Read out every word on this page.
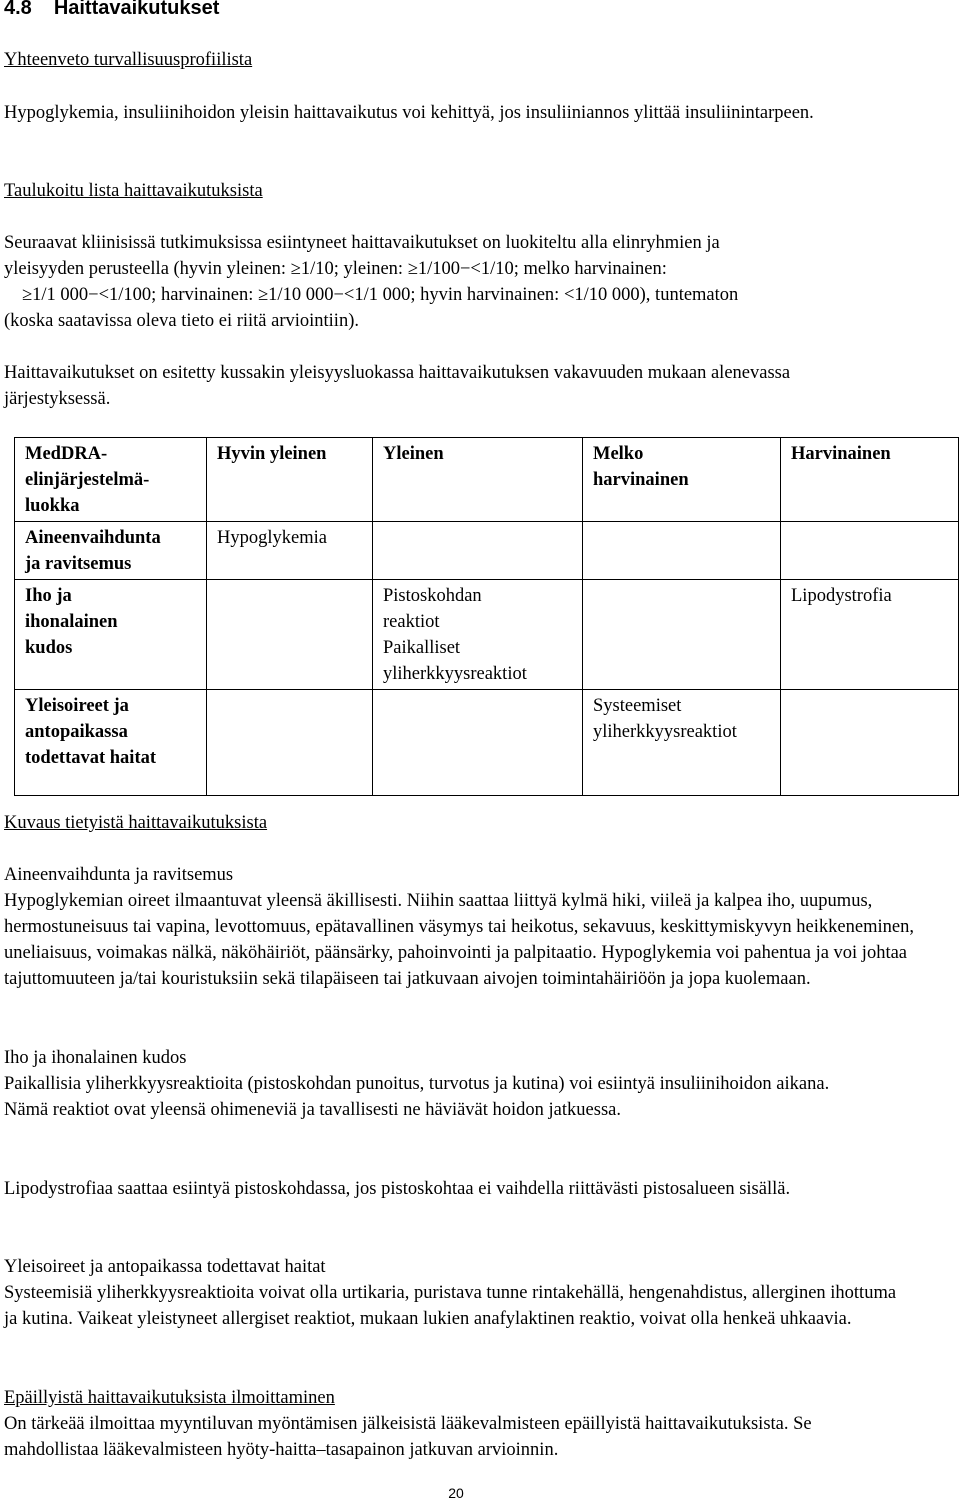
4.8 Haittavaikutukset

Yhteenveto turvallisuusprofiilista

Hypoglykemia, insuliinihoidon yleisin haittavaikutus voi kehittyä, jos insuliiniannos ylittää insuliinintarpeen.

Taulukoitu lista haittavaikutuksista

Seuraavat kliinisissä tutkimuksissa esiintyneet haittavaikutukset on luokiteltu alla elinryhmien ja
yleisyyden perusteella (hyvin yleinen: ≥1/10; yleinen: ≥1/100−<1/10; melko harvinainen:
≥1/1 000−<1/100; harvinainen: ≥1/10 000−<1/1 000; hyvin harvinainen: <1/10 000), tuntematon
(koska saatavissa oleva tieto ei riitä arviointiin).

Haittavaikutukset on esitetty kussakin yleisyysluokassa haittavaikutuksen vakavuuden mukaan alenevassa järjestyksessä.

MedDRA-
elinjärjestelmä-
luokka	Hyvin yleinen	Yleinen	Melko
harvinainen	Harvinainen
Aineenvaihdunta
ja ravitsemus	Hypoglykemia			
Iho ja
ihonalainen
kudos		Pistoskohdan
reaktiot
Paikalliset
yliherkkyysreaktiot		Lipodystrofia
Yleisoireet ja
antopaikassa
todettavat haitat			Systeemiset
yliherkkyysreaktiot	

Kuvaus tietyistä haittavaikutuksista

Aineenvaihdunta ja ravitsemus

Hypoglykemian oireet ilmaantuvat yleensä äkillisesti. Niihin saattaa liittyä kylmä hiki, viileä ja kalpea iho, uupumus, hermostuneisuus tai vapina, levottomuus, epätavallinen väsymys tai heikotus, sekavuus, keskittymiskyvyn heikkeneminen, uneliaisuus, voimakas nälkä, näköhäiriöt, päänsärky, pahoinvointi ja palpitaatio. Hypoglykemia voi pahentua ja voi johtaa tajuttomuuteen ja/tai kouristuksiin sekä tilapäiseen tai jatkuvaan aivojen toimintahäiriöön ja jopa kuolemaan.

Iho ja ihonalainen kudos

Paikallisia yliherkkyysreaktioita (pistoskohdan punoitus, turvotus ja kutina) voi esiintyä insuliinihoidon aikana. Nämä reaktiot ovat yleensä ohimeneviä ja tavallisesti ne häviävät hoidon jatkuessa.

Lipodystrofiaa saattaa esiintyä pistoskohdassa, jos pistoskohtaa ei vaihdella riittävästi pistosalueen sisällä.

Yleisoireet ja antopaikassa todettavat haitat

Systeemisiä yliherkkyysreaktioita voivat olla urtikaria, puristava tunne rintakehällä, hengenahdistus, allerginen ihottuma ja kutina. Vaikeat yleistyneet allergiset reaktiot, mukaan lukien anafylaktinen reaktio, voivat olla henkeä uhkaavia.

Epäillyistä haittavaikutuksista ilmoittaminen

On tärkeää ilmoittaa myyntiluvan myöntämisen jälkeisistä lääkevalmisteen epäillyistä haittavaikutuksista. Se mahdollistaa lääkevalmisteen hyöty-haitta–tasapainon jatkuvan arvioinnin.

20
